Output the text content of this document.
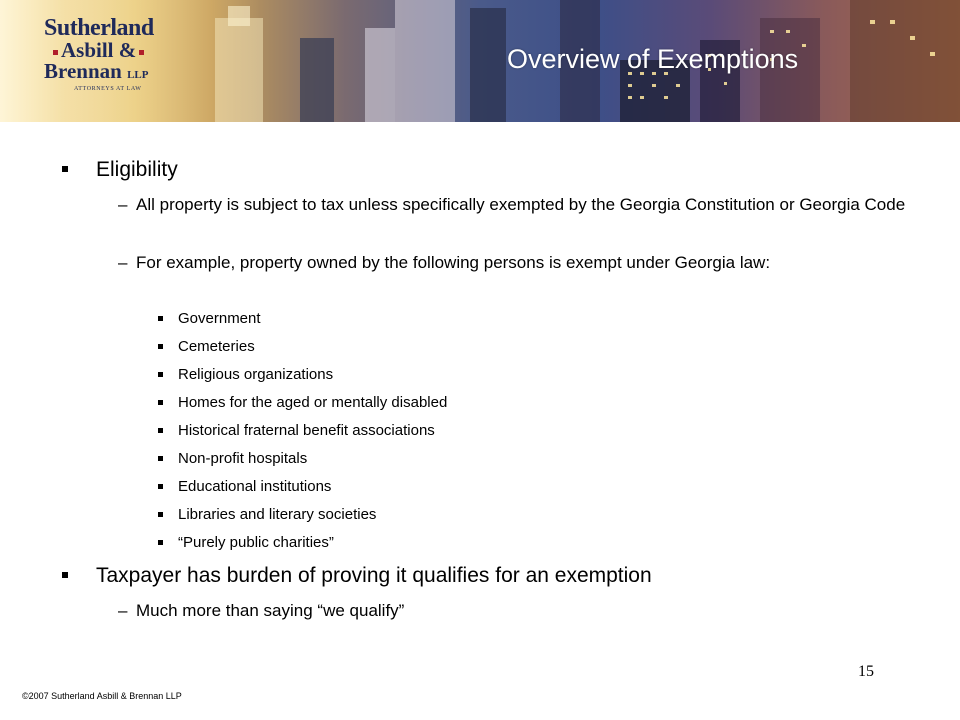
Sutherland
Asbill &
Brennan LLP
ATTORNEYS AT LAW
Overview of Exemptions
Eligibility
– All property is subject to tax unless specifically exempted by the Georgia Constitution or Georgia Code
– For example, property owned by the following persons is exempt under Georgia law:
Government
Cemeteries
Religious organizations
Homes for the aged or mentally disabled
Historical fraternal benefit associations
Non-profit hospitals
Educational institutions
Libraries and literary societies
“Purely public charities”
Taxpayer has burden of proving it qualifies for an exemption
– Much more than saying “we qualify”
15
©2007 Sutherland Asbill & Brennan LLP
